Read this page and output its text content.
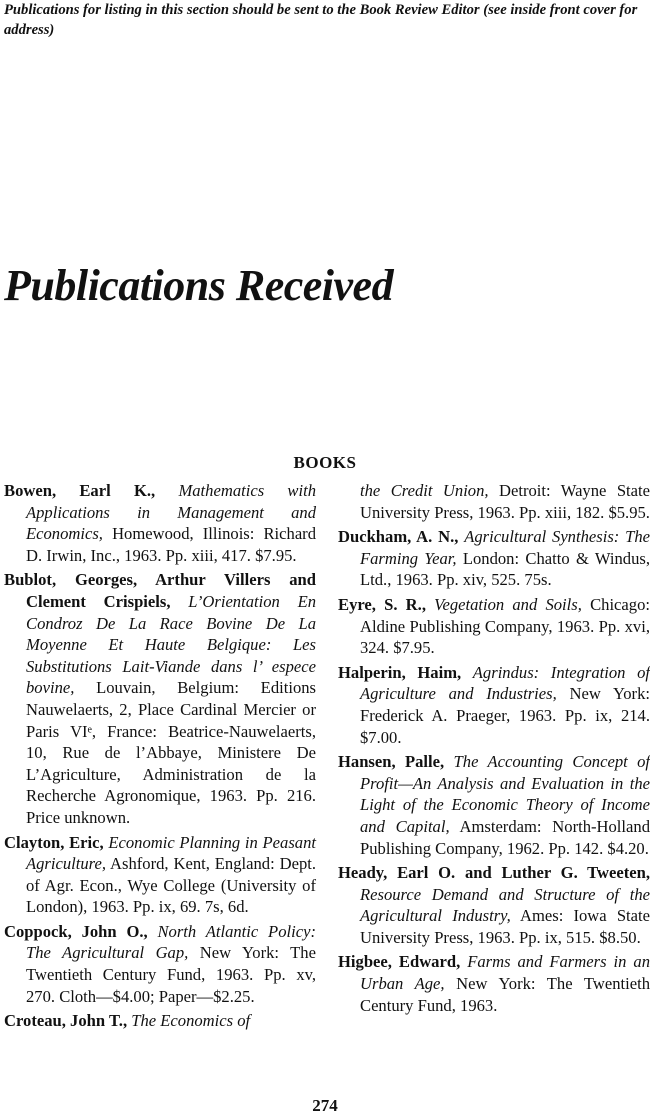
Publications for listing in this section should be sent to the Book Review Editor (see inside front cover for address)
Publications Received
BOOKS

Bowen, Earl K., Mathematics with Applications in Management and Economics, Homewood, Illinois: Richard D. Irwin, Inc., 1963. Pp. xiii, 417. $7.95.

Bublot, Georges, Arthur Villers and Clement Crispiels, L’Orientation En Condroz De La Race Bovine De La Moyenne Et Haute Belgique: Les Substitutions Lait-Viande dans l’ espece bovine, Louvain, Belgium: Editions Nauwelaerts, 2, Place Cardinal Mercier or Paris VIᵉ, France: Beatrice-Nauwelaerts, 10, Rue de l’Abbaye, Ministere De L’Agriculture, Administration de la Recherche Agronomique, 1963. Pp. 216. Price unknown.

Clayton, Eric, Economic Planning in Peasant Agriculture, Ashford, Kent, England: Dept. of Agr. Econ., Wye College (University of London), 1963. Pp. ix, 69. 7s, 6d.

Coppock, John O., North Atlantic Policy: The Agricultural Gap, New York: The Twentieth Century Fund, 1963. Pp. xv, 270. Cloth—$4.00; Paper—$2.25.

Croteau, John T., The Economics of

the Credit Union, Detroit: Wayne State University Press, 1963. Pp. xiii, 182. $5.95.

Duckham, A. N., Agricultural Synthesis: The Farming Year, London: Chatto & Windus, Ltd., 1963. Pp. xiv, 525. 75s.

Eyre, S. R., Vegetation and Soils, Chicago: Aldine Publishing Company, 1963. Pp. xvi, 324. $7.95.

Halperin, Haim, Agrindus: Integration of Agriculture and Industries, New York: Frederick A. Praeger, 1963. Pp. ix, 214. $7.00.

Hansen, Palle, The Accounting Concept of Profit—An Analysis and Evaluation in the Light of the Economic Theory of Income and Capital, Amsterdam: North-Holland Publishing Company, 1962. Pp. 142. $4.20.

Heady, Earl O. and Luther G. Tweeten, Resource Demand and Structure of the Agricultural Industry, Ames: Iowa State University Press, 1963. Pp. ix, 515. $8.50.

Higbee, Edward, Farms and Farmers in an Urban Age, New York: The Twentieth Century Fund, 1963.

274
